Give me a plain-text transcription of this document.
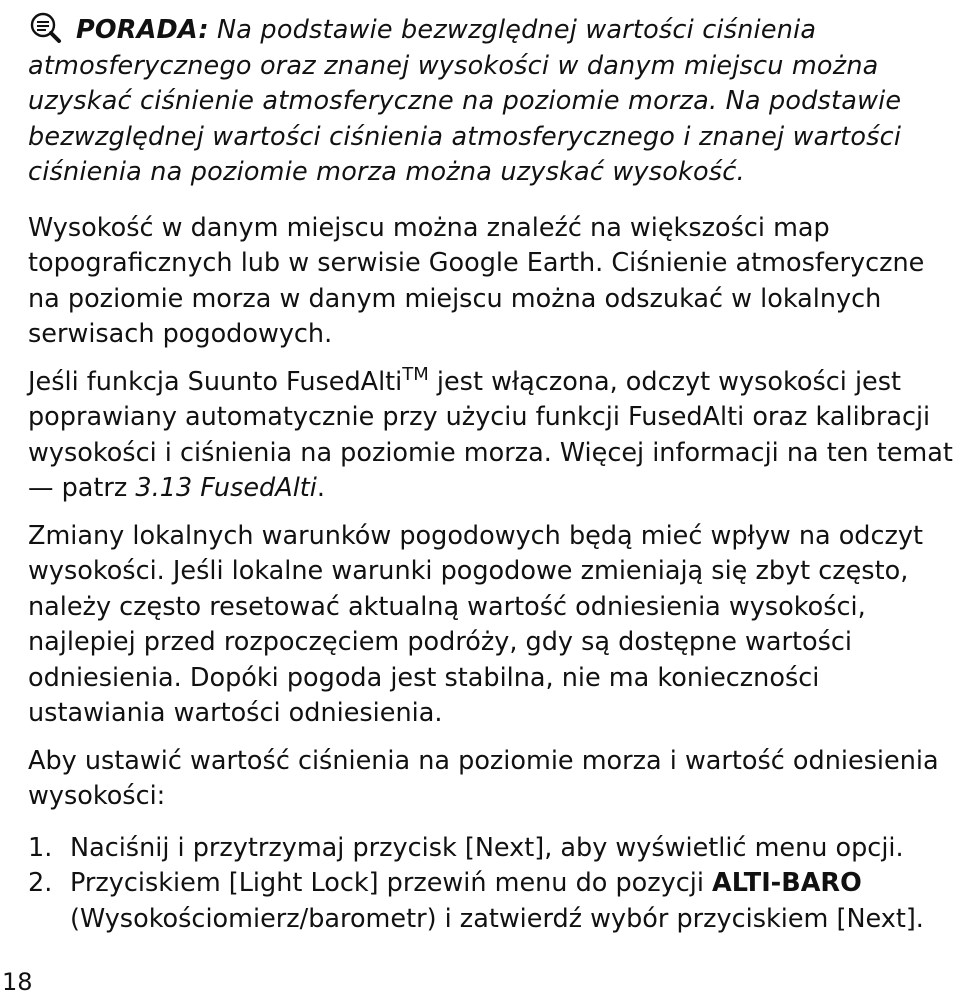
PORADA: Na podstawie bezwzględnej wartości ciśnienia atmosferycznego oraz znanej wysokości w danym miejscu można uzyskać ciśnienie atmosferyczne na poziomie morza. Na podstawie bezwzględnej wartości ciśnienia atmosferycznego i znanej wartości ciśnienia na poziomie morza można uzyskać wysokość.

Wysokość w danym miejscu można znaleźć na większości map topograficznych lub w serwisie Google Earth. Ciśnienie atmosferyczne na poziomie morza w danym miejscu można odszukać w lokalnych serwisach pogodowych.

Jeśli funkcja Suunto FusedAlti™ jest włączona, odczyt wysokości jest poprawiany automatycznie przy użyciu funkcji FusedAlti oraz kalibracji wysokości i ciśnienia na poziomie morza. Więcej informacji na ten temat — patrz 3.13 FusedAlti.

Zmiany lokalnych warunków pogodowych będą mieć wpływ na odczyt wysokości. Jeśli lokalne warunki pogodowe zmieniają się zbyt często, należy często resetować aktualną wartość odniesienia wysokości, najlepiej przed rozpoczęciem podróży, gdy są dostępne wartości odniesienia. Dopóki pogoda jest stabilna, nie ma konieczności ustawiania wartości odniesienia.

Aby ustawić wartość ciśnienia na poziomie morza i wartość odniesienia wysokości:

1. Naciśnij i przytrzymaj przycisk [Next], aby wyświetlić menu opcji.
2. Przyciskiem [Light Lock] przewiń menu do pozycji ALTI-BARO (Wysokościomierz/barometr) i zatwierdź wybór przyciskiem [Next].
18
